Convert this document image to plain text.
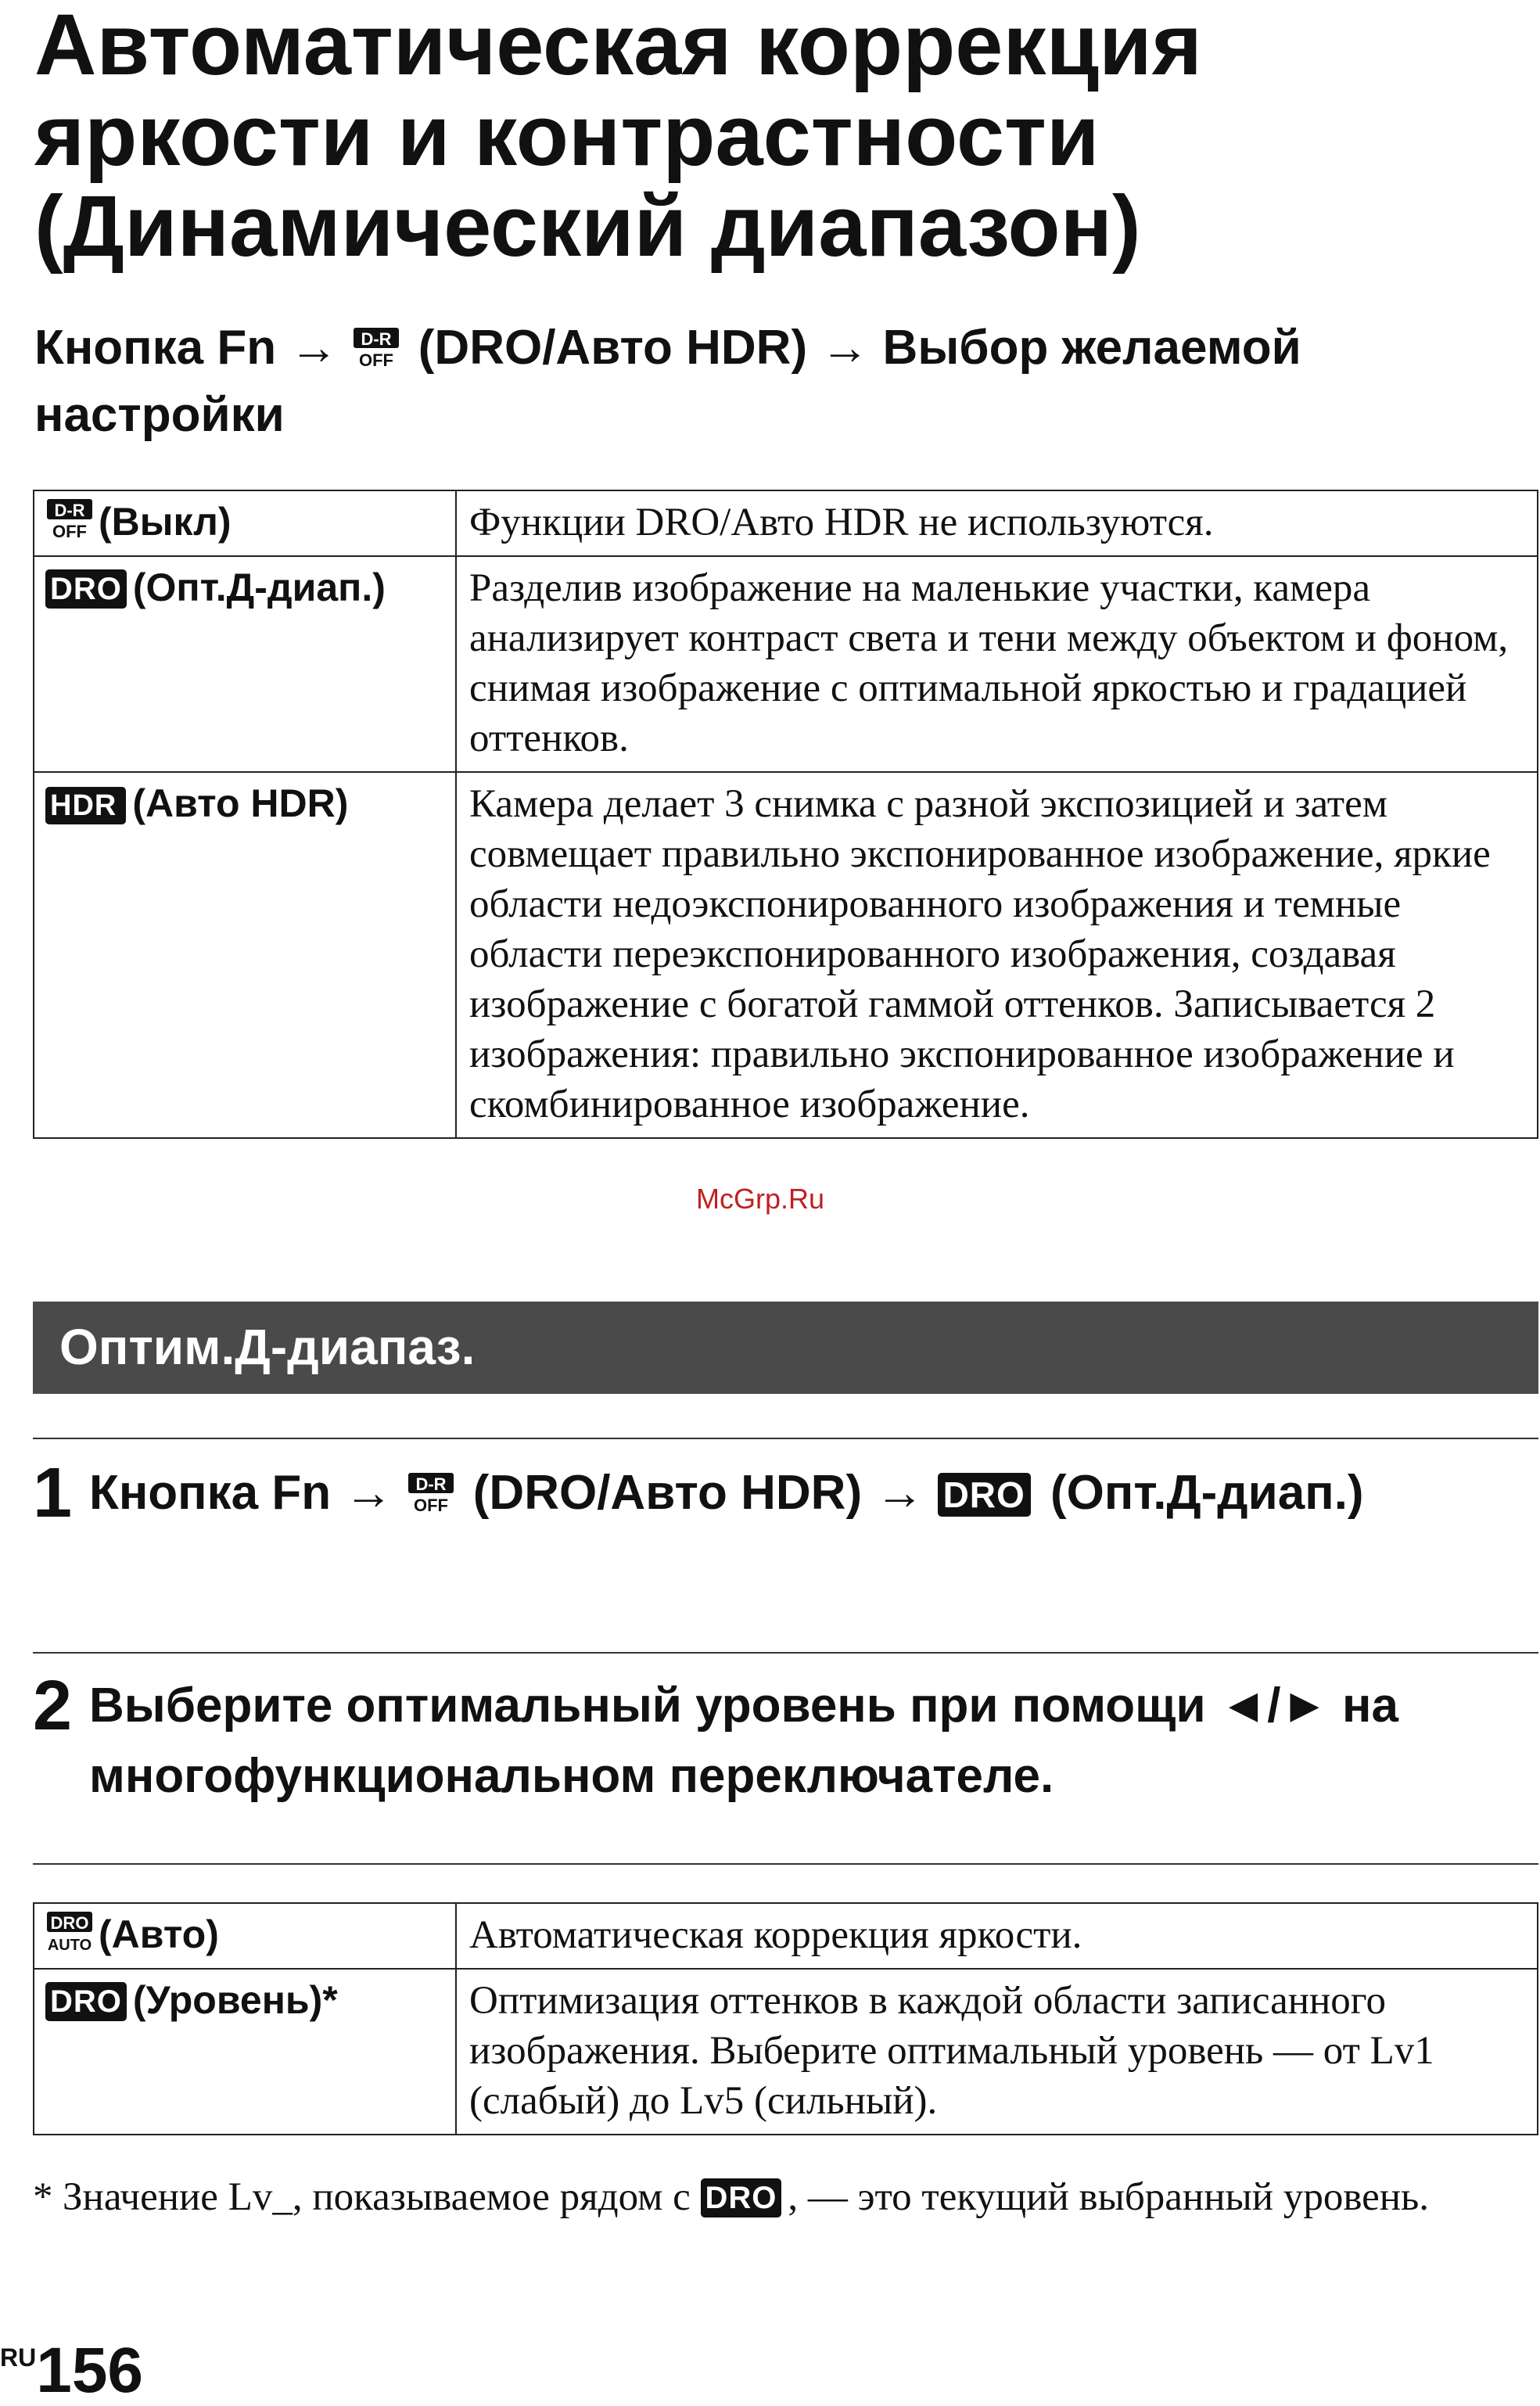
Автоматическая коррекция яркости и контрастности (Динамический диапазон)

Кнопка Fn → D-R
OFF (DRO/Авто HDR) → Выбор желаемой настройки

D-R
OFF (Выкл)	Функции DRO/Авто HDR не используются.
DRO (Опт.Д-диап.)	Разделив изображение на маленькие участки, камера анализирует контраст света и тени между объектом и фоном, снимая изображение с оптимальной яркостью и градацией оттенков.
HDR (Авто HDR)	Камера делает 3 снимка с разной экспозицией и затем совмещает правильно экспонированное изображение, яркие области недоэкспонированного изображения и темные области переэкспонированного изображения, создавая изображение с богатой гаммой оттенков. Записывается 2 изображения: правильно экспонированное изображение и скомбинированное изображение.
McGrp.Ru
Оптим.Д-диапаз.
1 Кнопка Fn → D-R
OFF (DRO/Авто HDR) → DRO (Опт.Д-диап.)

2 Выберите оптимальный уровень при помощи ◄/► на многофункциональном переключателе.

DRO
AUTO (Авто)	Автоматическая коррекция яркости.
DRO (Уровень)*	Оптимизация оттенков в каждой области записанного изображения. Выберите оптимальный уровень — от Lv1 (слабый) до Lv5 (сильный).

* Значение Lv_, показываемое рядом с DRO , — это текущий выбранный уровень.

RU156
